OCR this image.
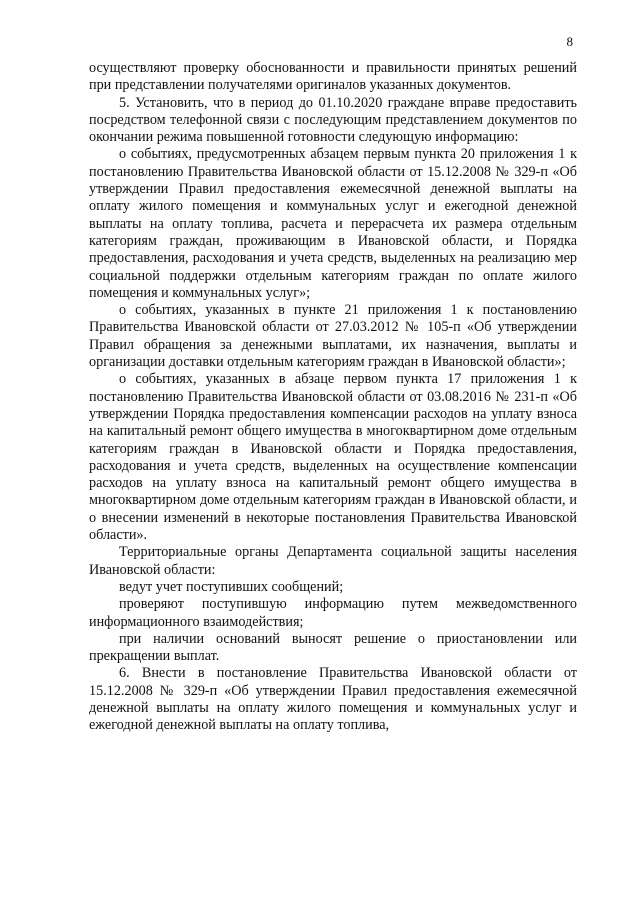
8

осуществляют проверку обоснованности и правильности принятых решений при представлении получателями оригиналов указанных документов.

5. Установить, что в период до 01.10.2020 граждане вправе предоставить посредством телефонной связи с последующим представлением документов по окончании режима повышенной готовности следующую информацию:

о событиях, предусмотренных абзацем первым пункта 20 приложения 1 к постановлению Правительства Ивановской области от 15.12.2008 № 329-п «Об утверждении Правил предоставления ежемесячной денежной выплаты на оплату жилого помещения и коммунальных услуг и ежегодной денежной выплаты на оплату топлива, расчета и перерасчета их размера отдельным категориям граждан, проживающим в Ивановской области, и Порядка предоставления, расходования и учета средств, выделенных на реализацию мер социальной поддержки отдельным категориям граждан по оплате жилого помещения и коммунальных услуг»;

о событиях, указанных в пункте 21 приложения 1 к постановлению Правительства Ивановской области от 27.03.2012 № 105-п «Об утверждении Правил обращения за денежными выплатами, их назначения, выплаты и организации доставки отдельным категориям граждан в Ивановской области»;

о событиях, указанных в абзаце первом пункта 17 приложения 1 к постановлению Правительства Ивановской области от 03.08.2016 № 231-п «Об утверждении Порядка предоставления компенсации расходов на уплату взноса на капитальный ремонт общего имущества в многоквартирном доме отдельным категориям граждан в Ивановской области и Порядка предоставления, расходования и учета средств, выделенных на осуществление компенсации расходов на уплату взноса на капитальный ремонт общего имущества в многоквартирном доме отдельным категориям граждан в Ивановской области, и о внесении изменений в некоторые постановления Правительства Ивановской области».

Территориальные органы Департамента социальной защиты населения Ивановской области:

ведут учет поступивших сообщений;

проверяют поступившую информацию путем межведомственного информационного взаимодействия;

при наличии оснований выносят решение о приостановлении или прекращении выплат.

6. Внести в постановление Правительства Ивановской области от 15.12.2008 № 329-п «Об утверждении Правил предоставления ежемесячной денежной выплаты на оплату жилого помещения и коммунальных услуг и ежегодной денежной выплаты на оплату топлива,
